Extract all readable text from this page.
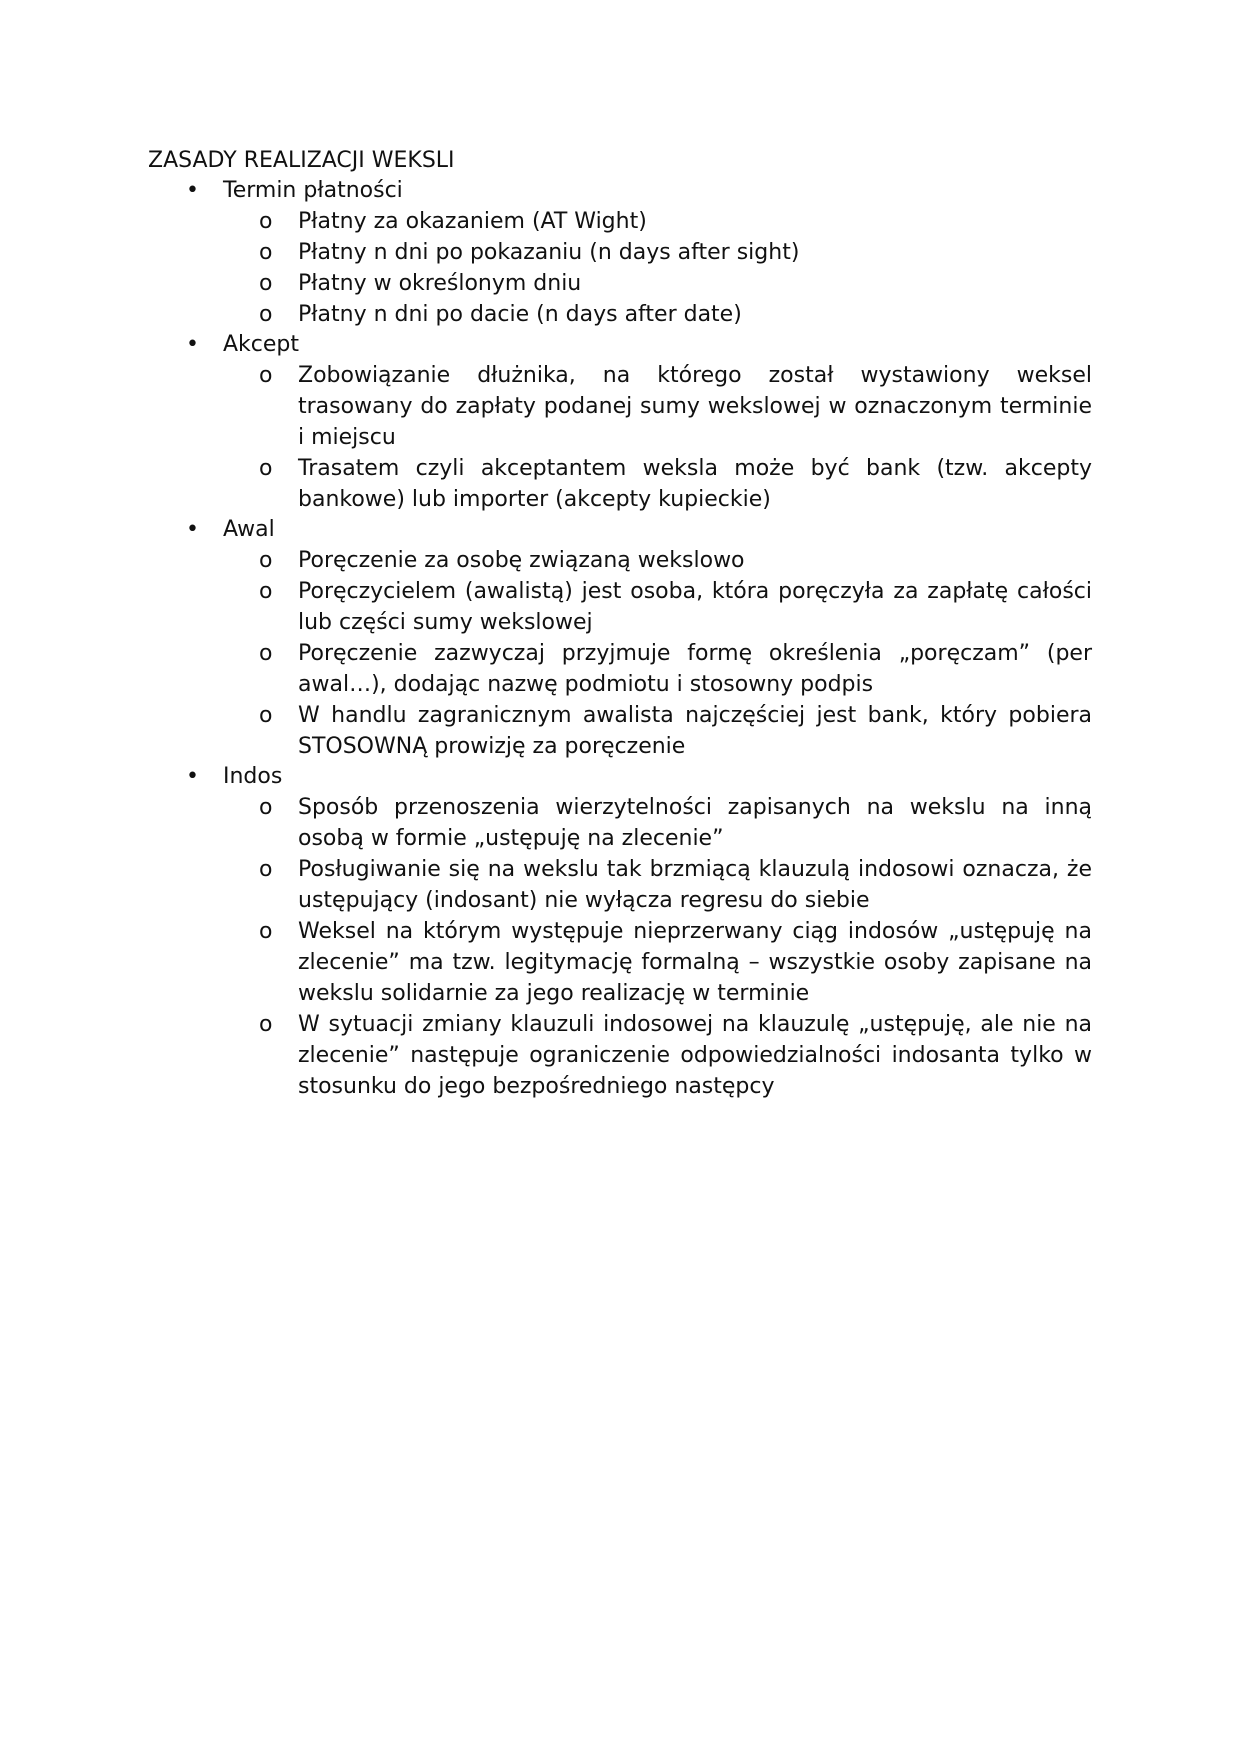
ZASADY REALIZACJI WEKSLI
•	Termin płatności
o Płatny za okazaniem (AT Wight)
o Płatny n dni po pokazaniu (n days after sight)
o Płatny w określonym dniu
o Płatny n dni po dacie (n days after date)
•	Akcept
o Zobowiązanie dłużnika, na którego został wystawiony weksel trasowany do zapłaty podanej sumy wekslowej w oznaczonym terminie i miejscu
o Trasatem czyli akceptantem weksla może być bank (tzw. akcepty bankowe) lub importer (akcepty kupieckie)
•	Awal
o Poręczenie za osobę związaną wekslowo
o Poręczycielem (awalistą) jest osoba, która poręczyła za zapłatę całości lub części sumy wekslowej
o Poręczenie zazwyczaj przyjmuje formę określenia „poręczam” (per awal…), dodając nazwę podmiotu i stosowny podpis
o W handlu zagranicznym awalista najczęściej jest bank, który pobiera STOSOWNĄ prowizję za poręczenie
•	Indos
o Sposób przenoszenia wierzytelności zapisanych na wekslu na inną osobą w formie „ustępuję na zlecenie”
o Posługiwanie się na wekslu tak brzmiącą klauzulą indosowi oznacza, że ustępujący (indosant) nie wyłącza regresu do siebie
o Weksel na którym występuje nieprzerwany ciąg indosów „ustępuję na zlecenie” ma tzw. legitymację formalną – wszystkie osoby zapisane na wekslu solidarnie za jego realizację w terminie
o W sytuacji zmiany klauzuli indosowej na klauzulę „ustępuję, ale nie na zlecenie” następuje ograniczenie odpowiedzialności indosanta tylko w stosunku do jego bezpośredniego następcy
